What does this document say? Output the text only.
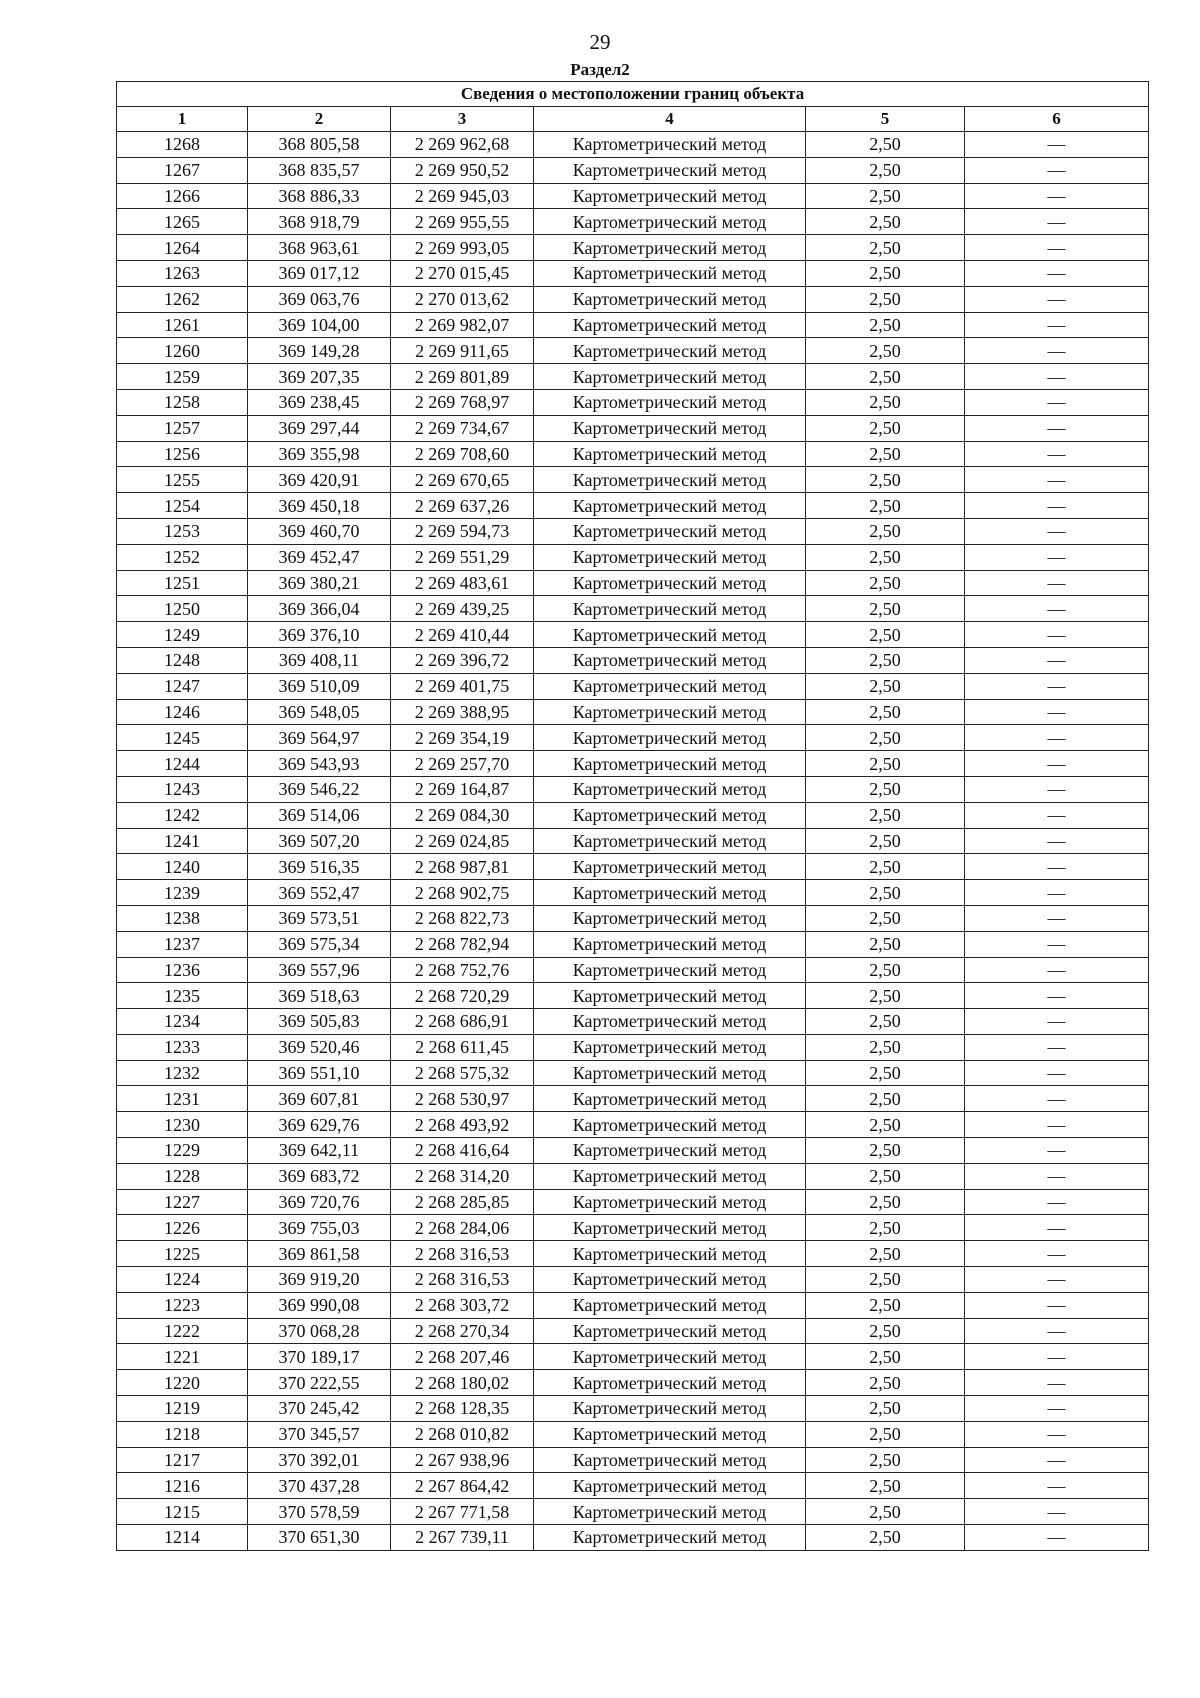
29
Раздел2
Сведения о местоположении границ объекта					
1	2	3	4	5	6
1268	368 805,58	2 269 962,68	Картометрический метод	2,50	—
1267	368 835,57	2 269 950,52	Картометрический метод	2,50	—
1266	368 886,33	2 269 945,03	Картометрический метод	2,50	—
1265	368 918,79	2 269 955,55	Картометрический метод	2,50	—
1264	368 963,61	2 269 993,05	Картометрический метод	2,50	—
1263	369 017,12	2 270 015,45	Картометрический метод	2,50	—
1262	369 063,76	2 270 013,62	Картометрический метод	2,50	—
1261	369 104,00	2 269 982,07	Картометрический метод	2,50	—
1260	369 149,28	2 269 911,65	Картометрический метод	2,50	—
1259	369 207,35	2 269 801,89	Картометрический метод	2,50	—
1258	369 238,45	2 269 768,97	Картометрический метод	2,50	—
1257	369 297,44	2 269 734,67	Картометрический метод	2,50	—
1256	369 355,98	2 269 708,60	Картометрический метод	2,50	—
1255	369 420,91	2 269 670,65	Картометрический метод	2,50	—
1254	369 450,18	2 269 637,26	Картометрический метод	2,50	—
1253	369 460,70	2 269 594,73	Картометрический метод	2,50	—
1252	369 452,47	2 269 551,29	Картометрический метод	2,50	—
1251	369 380,21	2 269 483,61	Картометрический метод	2,50	—
1250	369 366,04	2 269 439,25	Картометрический метод	2,50	—
1249	369 376,10	2 269 410,44	Картометрический метод	2,50	—
1248	369 408,11	2 269 396,72	Картометрический метод	2,50	—
1247	369 510,09	2 269 401,75	Картометрический метод	2,50	—
1246	369 548,05	2 269 388,95	Картометрический метод	2,50	—
1245	369 564,97	2 269 354,19	Картометрический метод	2,50	—
1244	369 543,93	2 269 257,70	Картометрический метод	2,50	—
1243	369 546,22	2 269 164,87	Картометрический метод	2,50	—
1242	369 514,06	2 269 084,30	Картометрический метод	2,50	—
1241	369 507,20	2 269 024,85	Картометрический метод	2,50	—
1240	369 516,35	2 268 987,81	Картометрический метод	2,50	—
1239	369 552,47	2 268 902,75	Картометрический метод	2,50	—
1238	369 573,51	2 268 822,73	Картометрический метод	2,50	—
1237	369 575,34	2 268 782,94	Картометрический метод	2,50	—
1236	369 557,96	2 268 752,76	Картометрический метод	2,50	—
1235	369 518,63	2 268 720,29	Картометрический метод	2,50	—
1234	369 505,83	2 268 686,91	Картометрический метод	2,50	—
1233	369 520,46	2 268 611,45	Картометрический метод	2,50	—
1232	369 551,10	2 268 575,32	Картометрический метод	2,50	—
1231	369 607,81	2 268 530,97	Картометрический метод	2,50	—
1230	369 629,76	2 268 493,92	Картометрический метод	2,50	—
1229	369 642,11	2 268 416,64	Картометрический метод	2,50	—
1228	369 683,72	2 268 314,20	Картометрический метод	2,50	—
1227	369 720,76	2 268 285,85	Картометрический метод	2,50	—
1226	369 755,03	2 268 284,06	Картометрический метод	2,50	—
1225	369 861,58	2 268 316,53	Картометрический метод	2,50	—
1224	369 919,20	2 268 316,53	Картометрический метод	2,50	—
1223	369 990,08	2 268 303,72	Картометрический метод	2,50	—
1222	370 068,28	2 268 270,34	Картометрический метод	2,50	—
1221	370 189,17	2 268 207,46	Картометрический метод	2,50	—
1220	370 222,55	2 268 180,02	Картометрический метод	2,50	—
1219	370 245,42	2 268 128,35	Картометрический метод	2,50	—
1218	370 345,57	2 268 010,82	Картометрический метод	2,50	—
1217	370 392,01	2 267 938,96	Картометрический метод	2,50	—
1216	370 437,28	2 267 864,42	Картометрический метод	2,50	—
1215	370 578,59	2 267 771,58	Картометрический метод	2,50	—
1214	370 651,30	2 267 739,11	Картометрический метод	2,50	—
